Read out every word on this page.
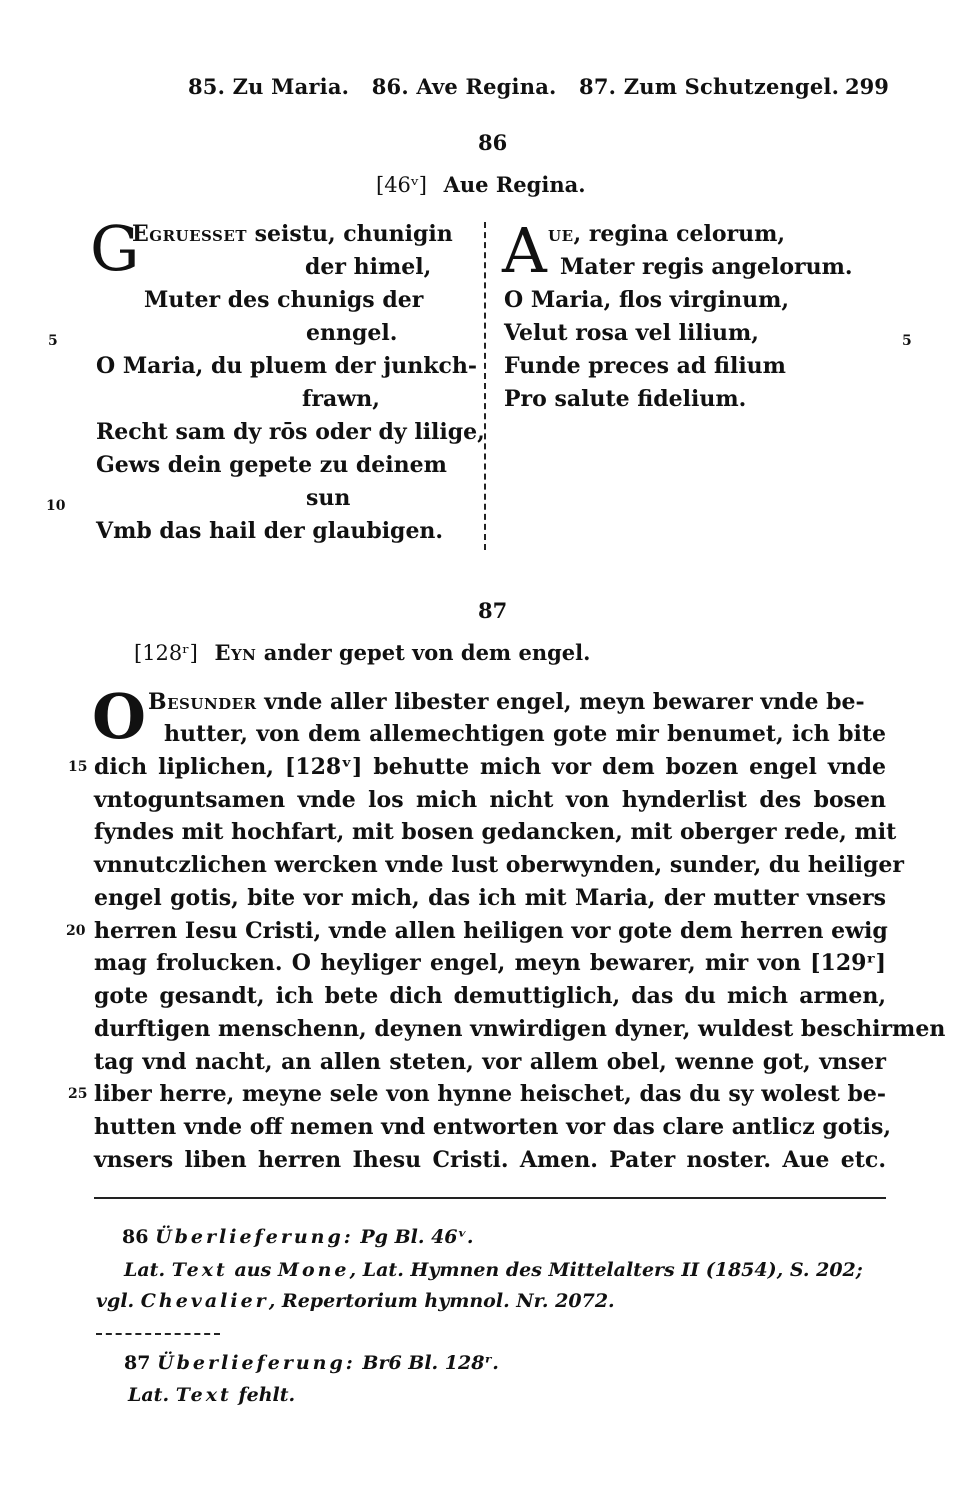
85. Zu Maria.   86. Ave Regina.   87. Zum Schutzengel. 299
86
[46ᵛ] Aue Regina.
G
Egruesset seistu, chunigin
der himel,
Muter des chunigs der
enngel.
O Maria, du pluem der junkch-
frawn,
Recht sam dy rōs oder dy lilige,
Gews dein gepete zu deinem
sun
Vmb das hail der glaubigen.
5
10
A ue, regina celorum,
Mater regis angelorum.
O Maria, flos virginum,
Velut rosa vel lilium,
Funde preces ad filium
Pro salute fidelium.
5
87
[128ʳ] Eyn ander gepet von dem engel.
O Besunder vnde aller libester engel, meyn bewarer vnde be-
hutter, von dem allemechtigen gote mir benumet, ich bite
dich liplichen, [128ᵛ] behutte mich vor dem bozen engel vnde
vntoguntsamen vnde los mich nicht von hynderlist des bosen
fyndes mit hochfart, mit bosen gedancken, mit oberger rede, mit
vnnutczlichen wercken vnde lust oberwynden, sunder, du heiliger
engel gotis, bite vor mich, das ich mit Maria, der mutter vnsers
herren Iesu Cristi, vnde allen heiligen vor gote dem herren ewig
mag frolucken. O heyliger engel, meyn bewarer, mir von [129ʳ]
gote gesandt, ich bete dich demuttiglich, das du mich armen,
durftigen menschenn, deynen vnwirdigen dyner, wuldest beschirmen
tag vnd nacht, an allen steten, vor allem obel, wenne got, vnser
liber herre, meyne sele von hynne heischet, das du sy wolest be-
hutten vnde off nemen vnd entworten vor das clare antlicz gotis,
vnsers liben herren Ihesu Cristi. Amen. Pater noster. Aue etc.
15
20
25
86 Überlieferung: Pg Bl. 46ᵛ.
Lat. Text aus Mone, Lat. Hymnen des Mittelalters II (1854), S. 202;
vgl. Chevalier, Repertorium hymnol. Nr. 2072.
87 Überlieferung: Br6 Bl. 128ʳ.
Lat. Text fehlt.
